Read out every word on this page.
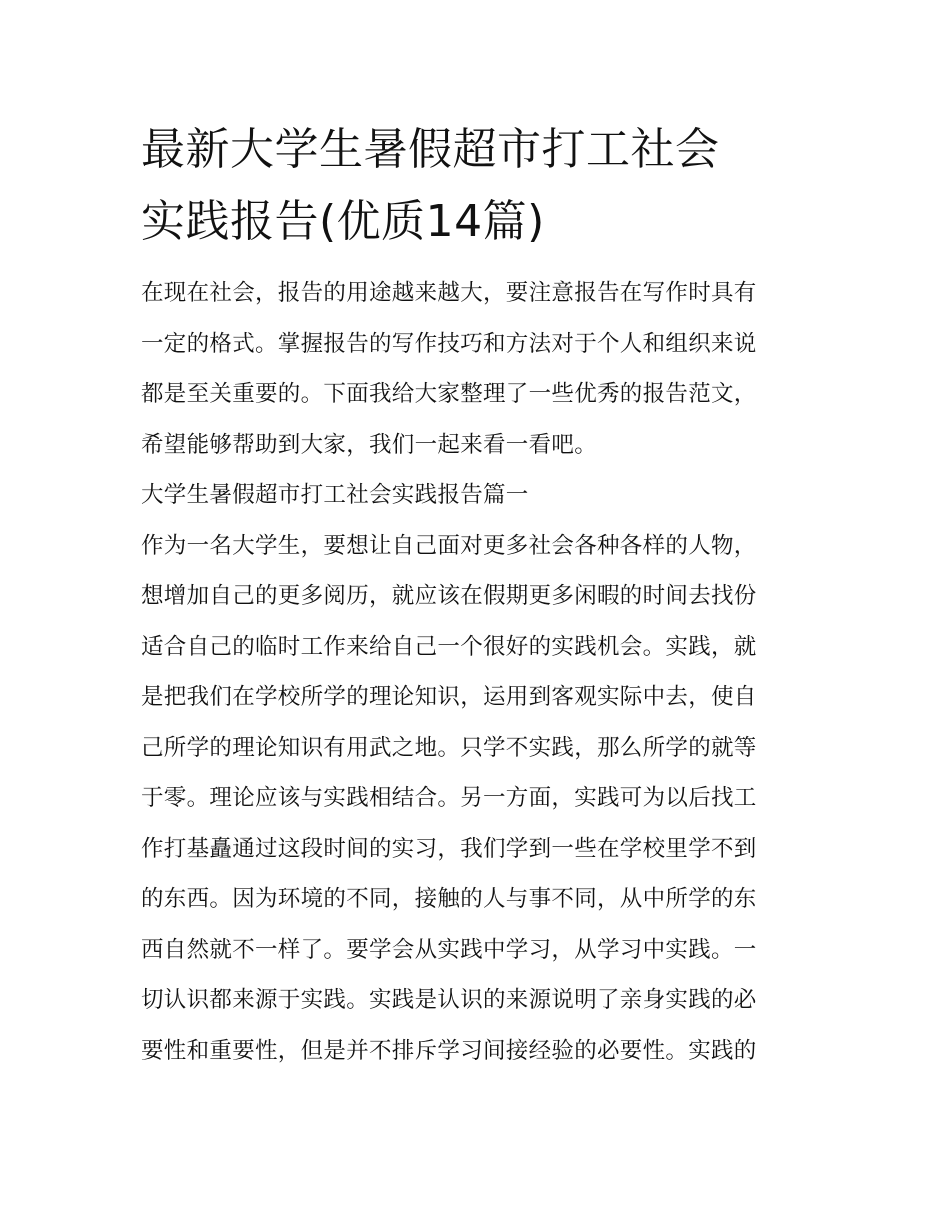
最新大学生暑假超市打工社会
实践报告(优质14篇)
在现在社会，报告的用途越来越大，要注意报告在写作时具有
一定的格式。掌握报告的写作技巧和方法对于个人和组织来说
都是至关重要的。下面我给大家整理了一些优秀的报告范文，
希望能够帮助到大家，我们一起来看一看吧。
大学生暑假超市打工社会实践报告篇一
作为一名大学生，要想让自己面对更多社会各种各样的人物，
想增加自己的更多阅历，就应该在假期更多闲暇的时间去找份
适合自己的临时工作来给自己一个很好的实践机会。实践，就
是把我们在学校所学的理论知识，运用到客观实际中去，使自
己所学的理论知识有用武之地。只学不实践，那么所学的就等
于零。理论应该与实践相结合。另一方面，实践可为以后找工
作打基矗通过这段时间的实习，我们学到一些在学校里学不到
的东西。因为环境的不同，接触的人与事不同，从中所学的东
西自然就不一样了。要学会从实践中学习，从学习中实践。一
切认识都来源于实践。实践是认识的来源说明了亲身实践的必
要性和重要性，但是并不排斥学习间接经验的必要性。实践的
